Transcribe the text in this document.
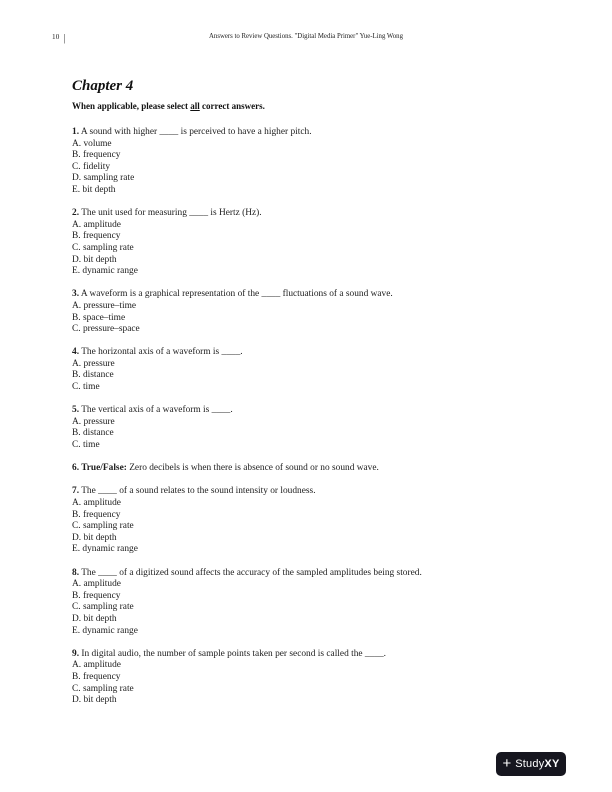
10 |	Answers to Review Questions. "Digital Media Primer" Yue-Ling Wong
Chapter 4

When applicable, please select all correct answers.

1. A sound with higher ____ is perceived to have a higher pitch.

A. volume
B. frequency
C. fidelity
D. sampling rate
E. bit depth

2. The unit used for measuring ____ is Hertz (Hz).

A. amplitude
B. frequency
C. sampling rate
D. bit depth
E. dynamic range

3. A waveform is a graphical representation of the ____ fluctuations of a sound wave.

A. pressure–time
B. space–time
C. pressure–space

4. The horizontal axis of a waveform is ____.

A. pressure
B. distance
C. time

5. The vertical axis of a waveform is ____.

A. pressure
B. distance
C. time

6. True/False: Zero decibels is when there is absence of sound or no sound wave.

7. The ____ of a sound relates to the sound intensity or loudness.

A. amplitude
B. frequency
C. sampling rate
D. bit depth
E. dynamic range

8. The ____ of a digitized sound affects the accuracy of the sampled amplitudes being stored.

A. amplitude
B. frequency
C. sampling rate
D. bit depth
E. dynamic range

9. In digital audio, the number of sample points taken per second is called the ____.

A. amplitude
B. frequency
C. sampling rate
D. bit depth
+ StudyXY
